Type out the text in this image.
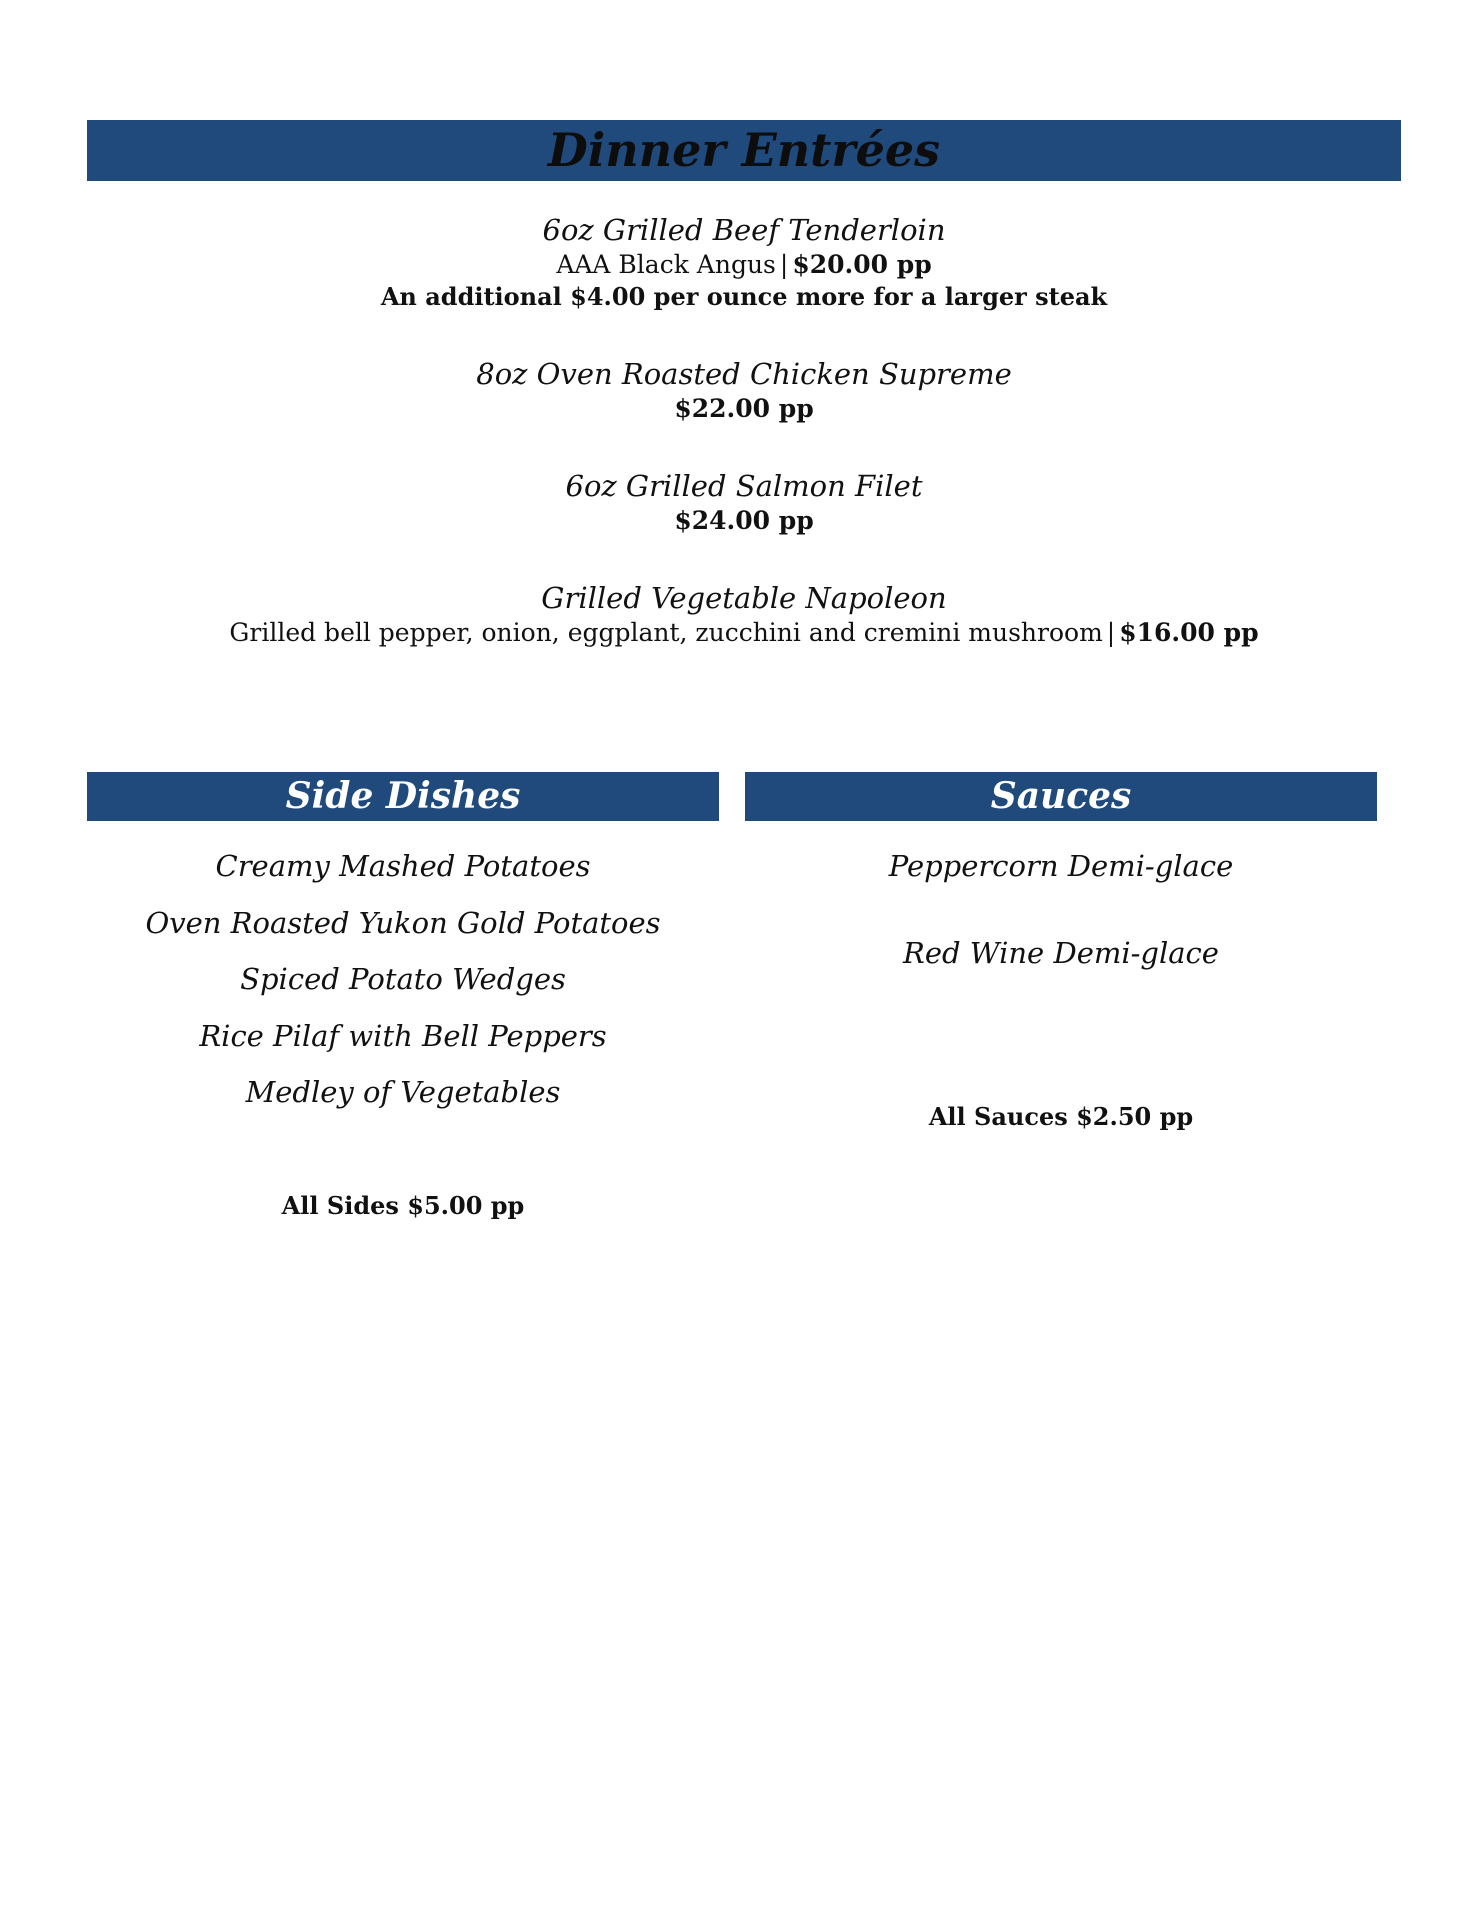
Dinner Entrées
6oz Grilled Beef Tenderloin
AAA Black Angus | $20.00 pp
An additional $4.00 per ounce more for a larger steak
8oz Oven Roasted Chicken Supreme
$22.00 pp
6oz Grilled Salmon Filet
$24.00 pp
Grilled Vegetable Napoleon
Grilled bell pepper, onion, eggplant, zucchini and cremini mushroom | $16.00 pp
Side Dishes
Creamy Mashed Potatoes
Oven Roasted Yukon Gold Potatoes
Spiced Potato Wedges
Rice Pilaf with Bell Peppers
Medley of Vegetables
All Sides $5.00 pp
Sauces
Peppercorn Demi-glace
Red Wine Demi-glace
All Sauces $2.50 pp
